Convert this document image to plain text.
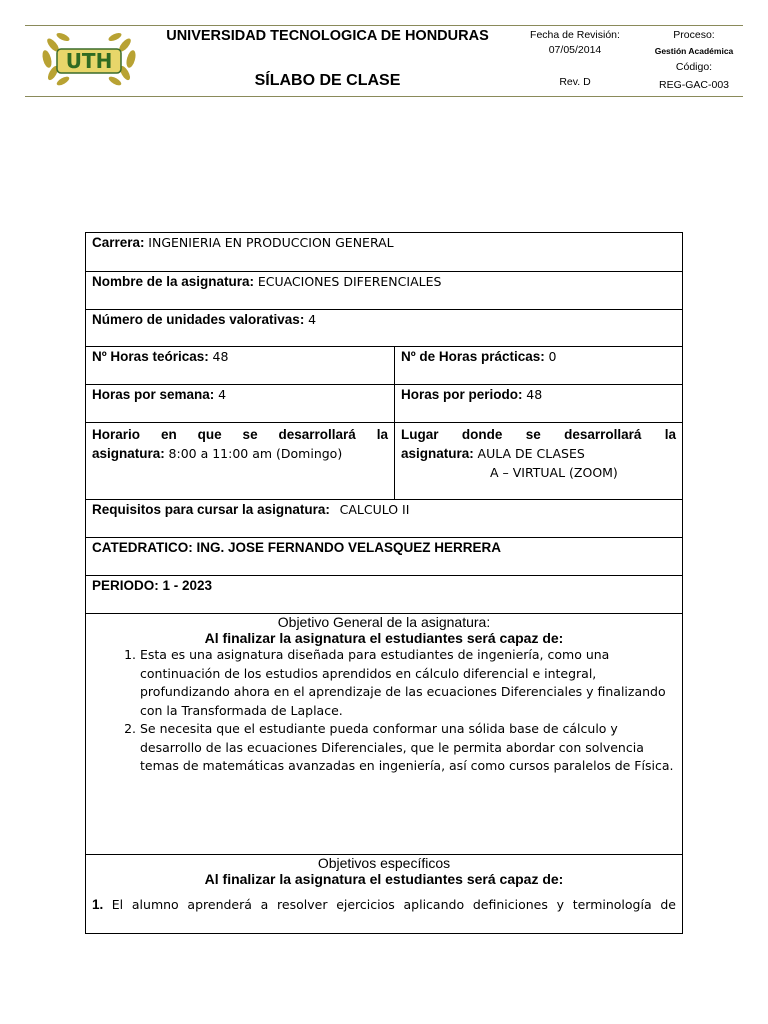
UTH
UNIVERSIDAD TECNOLOGICA DE HONDURAS
SÍLABO DE CLASE
Fecha de Revisión:
07/05/2014
Rev. D
Proceso:
Gestión Académica
Código:
REG-GAC-003
Carrera: INGENIERIA EN PRODUCCION GENERAL
Nombre de la asignatura: ECUACIONES DIFERENCIALES
Número de unidades valorativas: 4
Nº Horas teóricas: 48	Nº de Horas prácticas: 0
Horas por semana: 4	Horas por periodo: 48
Horario en que se desarrollará la
asignatura: 8:00 a 11:00 am (Domingo)
Lugar donde se desarrollará la
asignatura: AULA DE CLASES
A – VIRTUAL (ZOOM)
Requisitos para cursar la asignatura: CALCULO II
CATEDRATICO: ING. JOSE FERNANDO VELASQUEZ HERRERA
PERIODO: 1 - 2023
Objetivo General de la asignatura:
Al finalizar la asignatura el estudiantes será capaz de:
1. Esta es una asignatura diseñada para estudiantes de ingeniería, como una continuación de los estudios aprendidos en cálculo diferencial e integral, profundizando ahora en el aprendizaje de las ecuaciones Diferenciales y finalizando con la Transformada de Laplace.
2. Se necesita que el estudiante pueda conformar una sólida base de cálculo y desarrollo de las ecuaciones Diferenciales, que le permita abordar con solvencia temas de matemáticas avanzadas en ingeniería, así como cursos paralelos de Física.
Objetivos específicos
Al finalizar la asignatura el estudiantes será capaz de:
1. El alumno aprenderá a resolver ejercicios aplicando definiciones y terminología de
